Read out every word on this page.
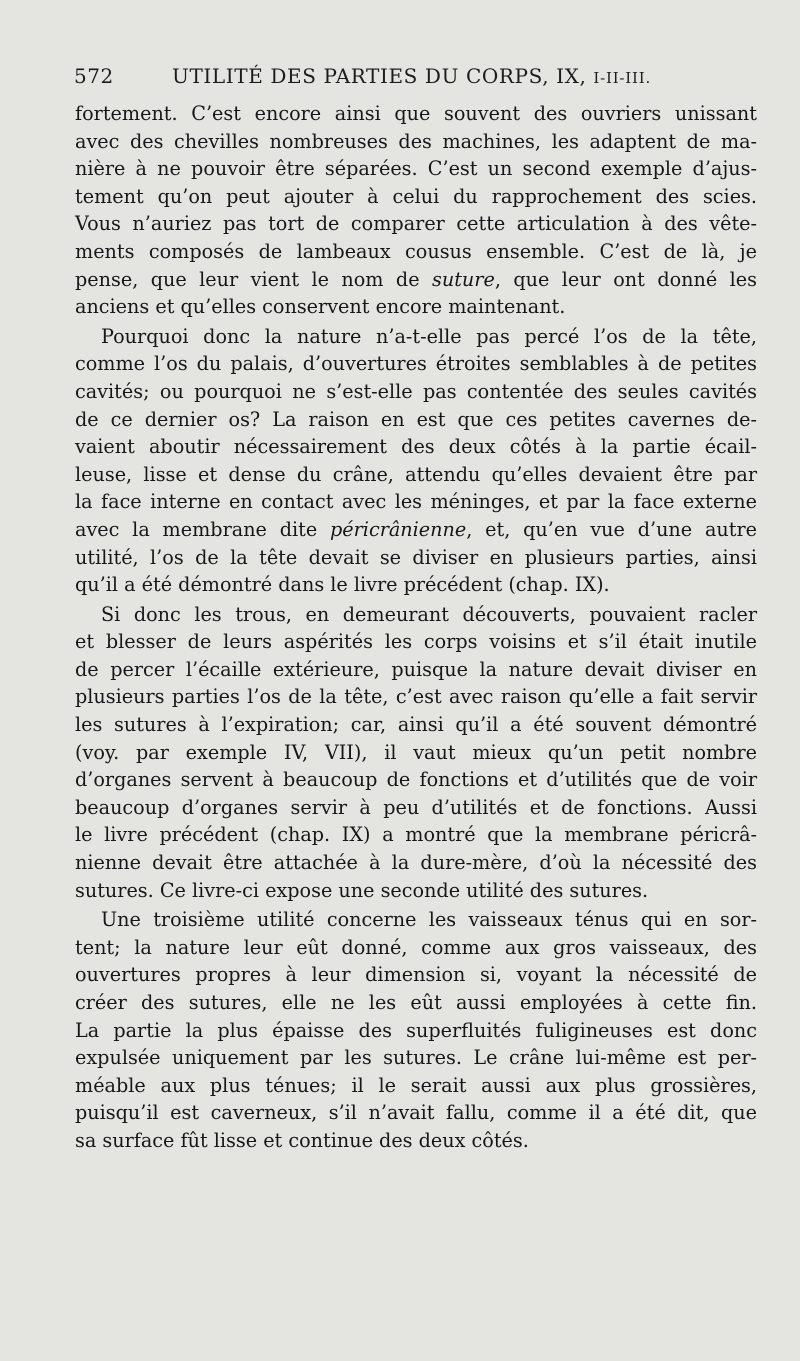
572	UTILITÉ DES PARTIES DU CORPS, IX, I-II-III.
fortement. C’est encore ainsi que souvent des ouvriers unissant
avec des chevilles nombreuses des machines, les adaptent de ma-
nière à ne pouvoir être séparées. C’est un second exemple d’ajus-
tement qu’on peut ajouter à celui du rapprochement des scies.
Vous n’auriez pas tort de comparer cette articulation à des vête-
ments composés de lambeaux cousus ensemble. C’est de là, je
pense, que leur vient le nom de suture, que leur ont donné les
anciens et qu’elles conservent encore maintenant.
Pourquoi donc la nature n’a-t-elle pas percé l’os de la tête,
comme l’os du palais, d’ouvertures étroites semblables à de petites
cavités; ou pourquoi ne s’est-elle pas contentée des seules cavités
de ce dernier os? La raison en est que ces petites cavernes de-
vaient aboutir nécessairement des deux côtés à la partie écail-
leuse, lisse et dense du crâne, attendu qu’elles devaient être par
la face interne en contact avec les méninges, et par la face externe
avec la membrane dite péricrânienne, et, qu’en vue d’une autre
utilité, l’os de la tête devait se diviser en plusieurs parties, ainsi
qu’il a été démontré dans le livre précédent (chap. IX).
Si donc les trous, en demeurant découverts, pouvaient racler
et blesser de leurs aspérités les corps voisins et s’il était inutile
de percer l’écaille extérieure, puisque la nature devait diviser en
plusieurs parties l’os de la tête, c’est avec raison qu’elle a fait servir
les sutures à l’expiration; car, ainsi qu’il a été souvent démontré
(voy. par exemple IV, VII), il vaut mieux qu’un petit nombre
d’organes servent à beaucoup de fonctions et d’utilités que de voir
beaucoup d’organes servir à peu d’utilités et de fonctions. Aussi
le livre précédent (chap. IX) a montré que la membrane péricrâ-
nienne devait être attachée à la dure-mère, d’où la nécessité des
sutures. Ce livre-ci expose une seconde utilité des sutures.
Une troisième utilité concerne les vaisseaux ténus qui en sor-
tent; la nature leur eût donné, comme aux gros vaisseaux, des
ouvertures propres à leur dimension si, voyant la nécessité de
créer des sutures, elle ne les eût aussi employées à cette fin.
La partie la plus épaisse des superfluités fuligineuses est donc
expulsée uniquement par les sutures. Le crâne lui-même est per-
méable aux plus ténues; il le serait aussi aux plus grossières,
puisqu’il est caverneux, s’il n’avait fallu, comme il a été dit, que
sa surface fût lisse et continue des deux côtés.
